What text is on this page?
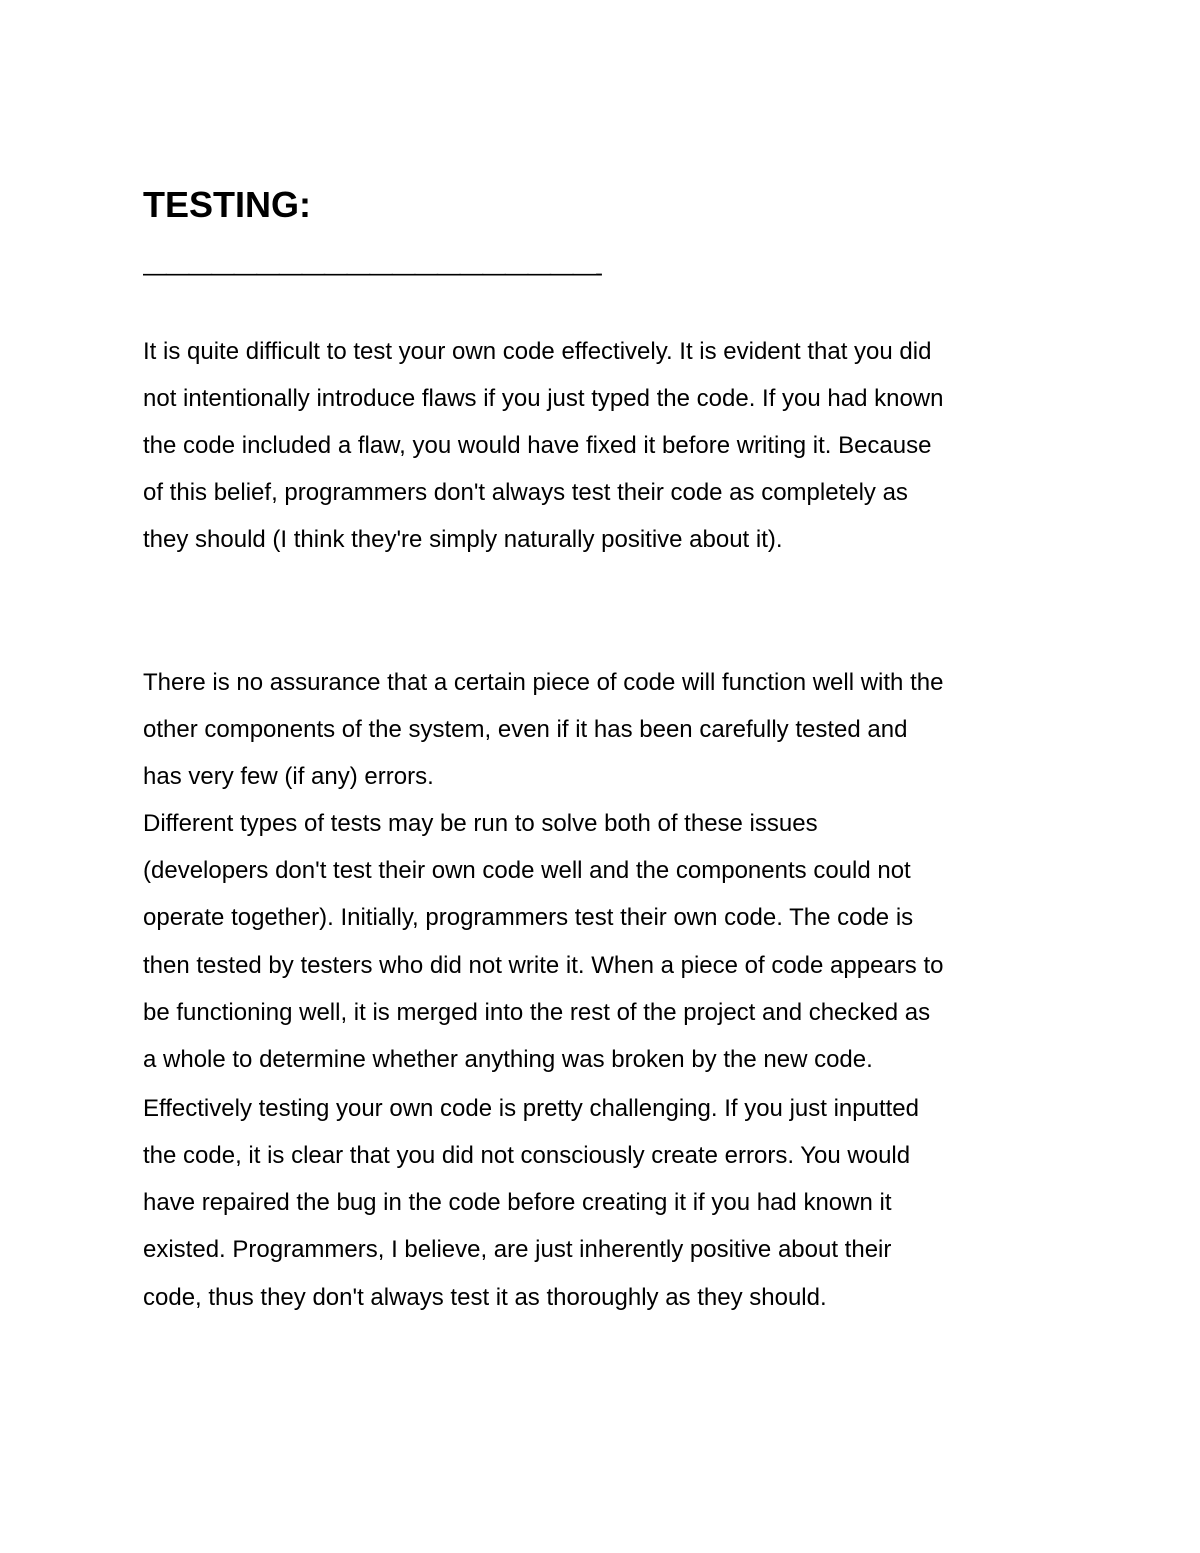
TESTING:
————————————————————-

It is quite difficult to test your own code effectively. It is evident that you did

not intentionally introduce flaws if you just typed the code. If you had known

the code included a flaw, you would have fixed it before writing it. Because

of this belief, programmers don't always test their code as completely as

they should (I think they're simply naturally positive about it).

There is no assurance that a certain piece of code will function well with the

other components of the system, even if it has been carefully tested and

has very few (if any) errors.

Different types of tests may be run to solve both of these issues

(developers don't test their own code well and the components could not

operate together). Initially, programmers test their own code. The code is

then tested by testers who did not write it. When a piece of code appears to

be functioning well, it is merged into the rest of the project and checked as

a whole to determine whether anything was broken by the new code.

Effectively testing your own code is pretty challenging. If you just inputted

the code, it is clear that you did not consciously create errors. You would

have repaired the bug in the code before creating it if you had known it

existed. Programmers, I believe, are just inherently positive about their

code, thus they don't always test it as thoroughly as they should.
